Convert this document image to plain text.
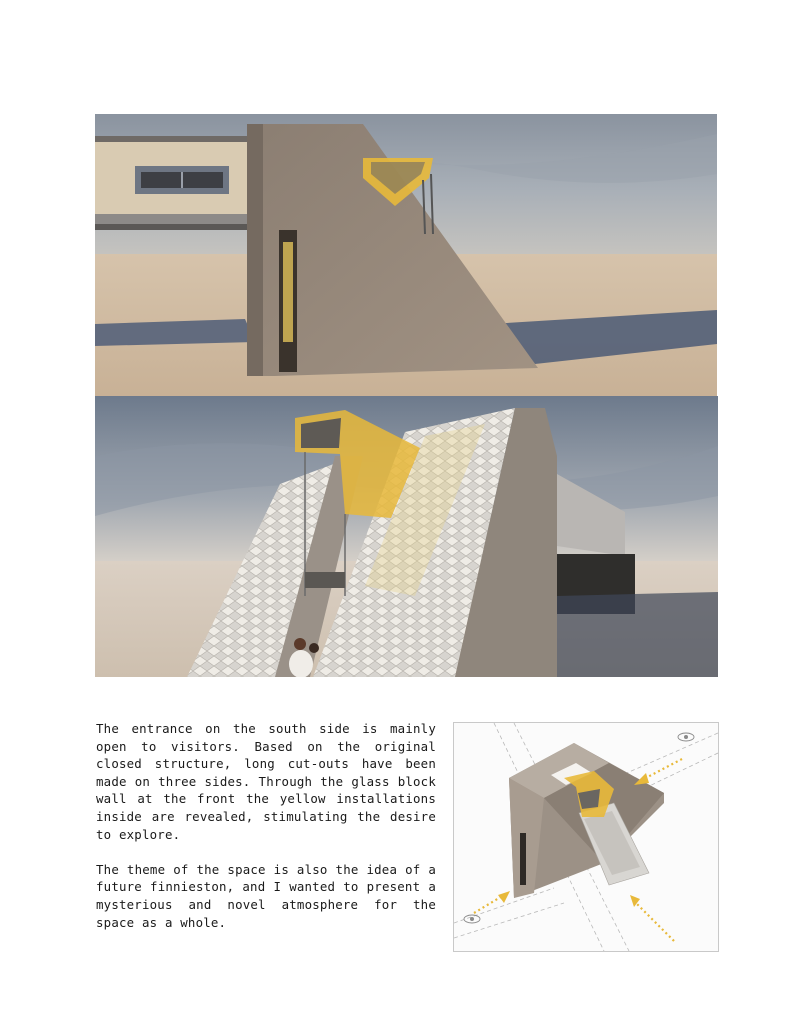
The entrance on the south side is mainly open to visitors. Based on the original closed structure, long cut-outs have been made on three sides. Through the glass block wall at the front the yellow installations inside are revealed, stimulating the desire to explore.

The theme of the space is also the idea of a future finnieston, and I wanted to present a mysterious and novel atmosphere for the space as a whole.
